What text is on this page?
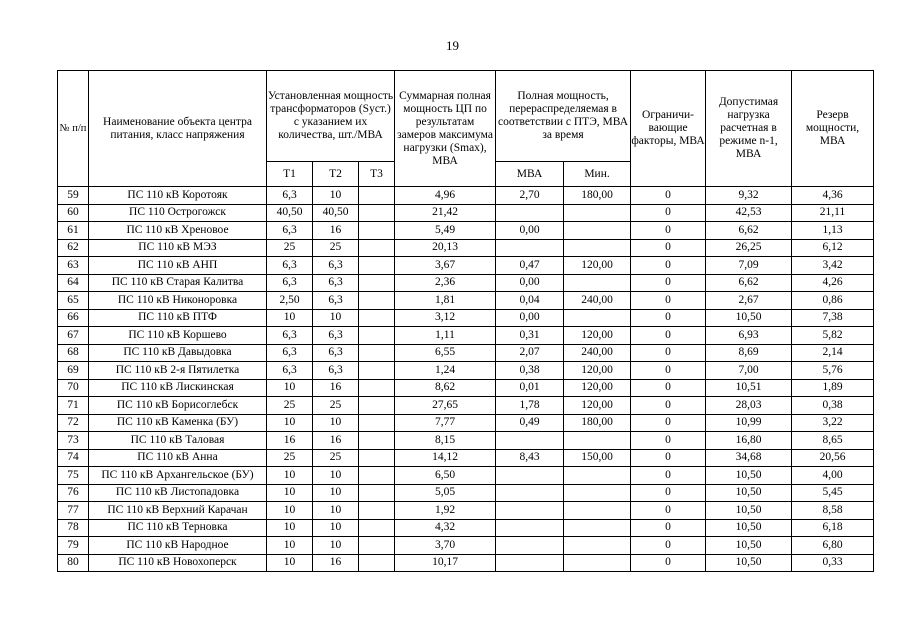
19
№ п/п	Наименование объекта центра питания, класс напряжения	Установленная мощность трансформаторов (Sуст.) с указанием их количества, шт./МВА			Суммарная полная мощность ЦП по результатам замеров максимума нагрузки (Smax), МВА	Полная мощность, перераспределяемая в соответствии с ПТЭ, МВА за время		Ограничи-вающие факторы, МВА	Допустимая нагрузка расчетная в режиме n-1, МВА	Резерв мощности, МВА
		Т1	Т2	Т3		МВА	Мин.			
59	ПС 110 кВ Коротояк	6,3	10		4,96	2,70	180,00	0	9,32	4,36
60	ПС 110 Острогожск	40,50	40,50		21,42			0	42,53	21,11
61	ПС 110 кВ Хреновое	6,3	16		5,49	0,00		0	6,62	1,13
62	ПС 110 кВ МЭЗ	25	25		20,13			0	26,25	6,12
63	ПС 110 кВ АНП	6,3	6,3		3,67	0,47	120,00	0	7,09	3,42
64	ПС 110 кВ Старая Калитва	6,3	6,3		2,36	0,00		0	6,62	4,26
65	ПС 110 кВ Никоноровка	2,50	6,3		1,81	0,04	240,00	0	2,67	0,86
66	ПС 110 кВ ПТФ	10	10		3,12	0,00		0	10,50	7,38
67	ПС 110 кВ Коршево	6,3	6,3		1,11	0,31	120,00	0	6,93	5,82
68	ПС 110 кВ Давыдовка	6,3	6,3		6,55	2,07	240,00	0	8,69	2,14
69	ПС 110 кВ 2-я Пятилетка	6,3	6,3		1,24	0,38	120,00	0	7,00	5,76
70	ПС 110 кВ Лискинская	10	16		8,62	0,01	120,00	0	10,51	1,89
71	ПС 110 кВ Борисоглебск	25	25		27,65	1,78	120,00	0	28,03	0,38
72	ПС 110 кВ Каменка (БУ)	10	10		7,77	0,49	180,00	0	10,99	3,22
73	ПС 110 кВ Таловая	16	16		8,15			0	16,80	8,65
74	ПС 110 кВ Анна	25	25		14,12	8,43	150,00	0	34,68	20,56
75	ПС 110 кВ Архангельское (БУ)	10	10		6,50			0	10,50	4,00
76	ПС 110 кВ Листопадовка	10	10		5,05			0	10,50	5,45
77	ПС 110 кВ Верхний Карачан	10	10		1,92			0	10,50	8,58
78	ПС 110 кВ Терновка	10	10		4,32			0	10,50	6,18
79	ПС 110 кВ Народное	10	10		3,70			0	10,50	6,80
80	ПС 110 кВ Новохоперск	10	16		10,17			0	10,50	0,33
